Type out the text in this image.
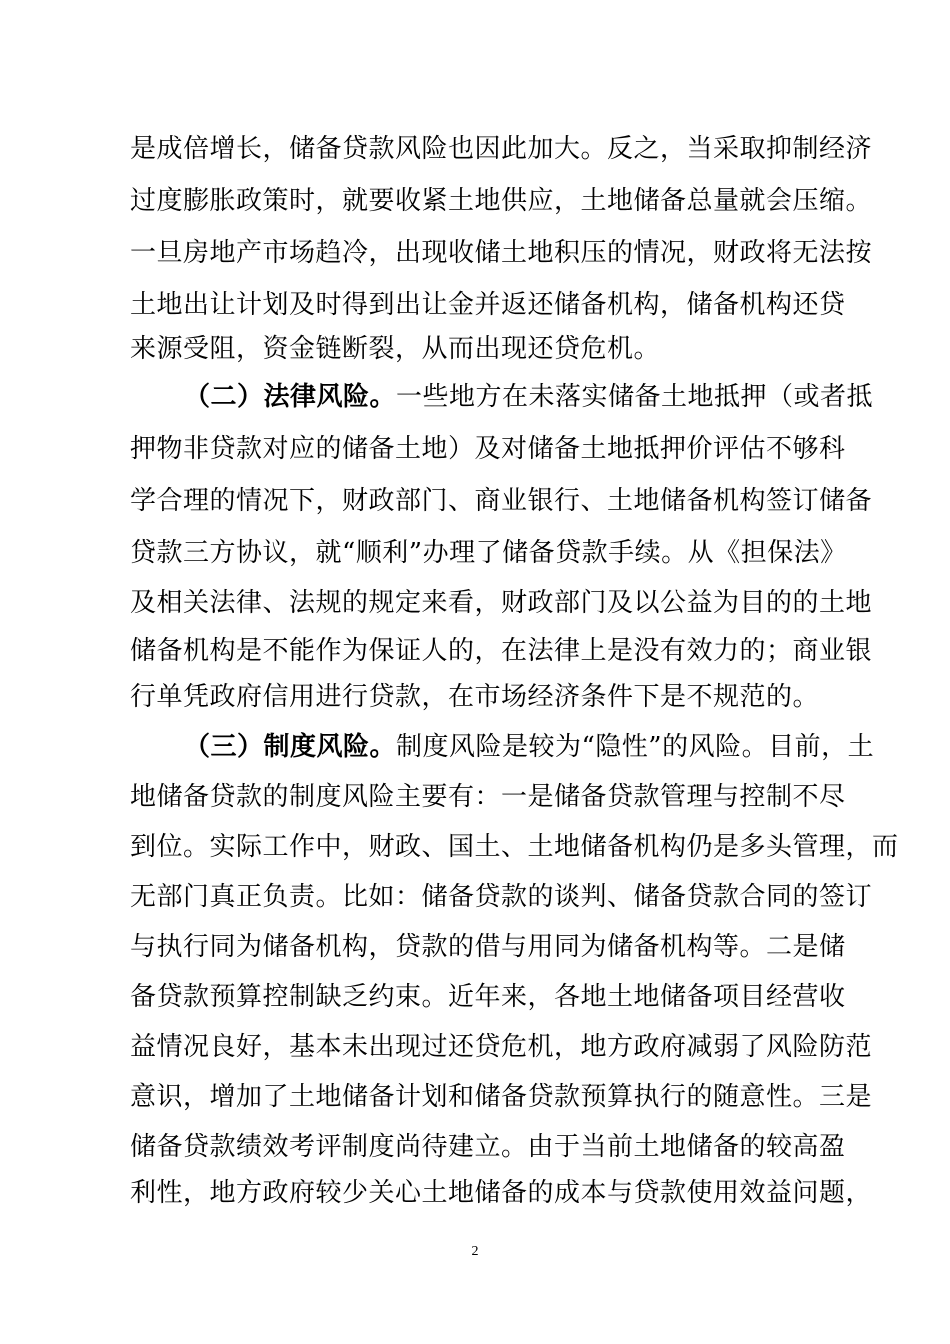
是成倍增长，储备贷款风险也因此加大。反之，当采取抑制经济
过度膨胀政策时，就要收紧土地供应，土地储备总量就会压缩。
一旦房地产市场趋冷，出现收储土地积压的情况，财政将无法按
土地出让计划及时得到出让金并返还储备机构，储备机构还贷
来源受阻，资金链断裂，从而出现还贷危机。
（二）法律风险。一些地方在未落实储备土地抵押（或者抵
押物非贷款对应的储备土地）及对储备土地抵押价评估不够科
学合理的情况下，财政部门、商业银行、土地储备机构签订储备
贷款三方协议，就“顺利”办理了储备贷款手续。从《担保法》
及相关法律、法规的规定来看，财政部门及以公益为目的的土地
储备机构是不能作为保证人的，在法律上是没有效力的；商业银
行单凭政府信用进行贷款，在市场经济条件下是不规范的。
（三）制度风险。制度风险是较为“隐性”的风险。目前，土
地储备贷款的制度风险主要有：一是储备贷款管理与控制不尽
到位。实际工作中，财政、国土、土地储备机构仍是多头管理，而
无部门真正负责。比如：储备贷款的谈判、储备贷款合同的签订
与执行同为储备机构，贷款的借与用同为储备机构等。二是储
备贷款预算控制缺乏约束。近年来，各地土地储备项目经营收
益情况良好，基本未出现过还贷危机，地方政府减弱了风险防范
意识，增加了土地储备计划和储备贷款预算执行的随意性。三是
储备贷款绩效考评制度尚待建立。由于当前土地储备的较高盈
利性，地方政府较少关心土地储备的成本与贷款使用效益问题，
2
